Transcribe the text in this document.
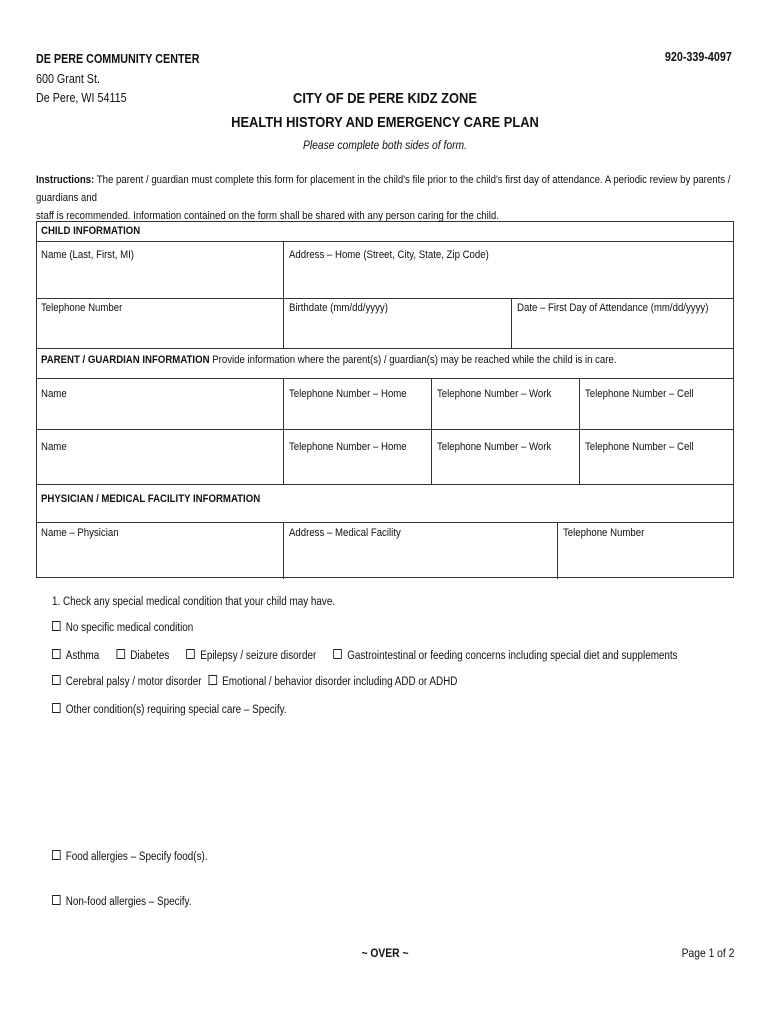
DE PERE COMMUNITY CENTER
600 Grant St.
De Pere, WI 54115
920-339-4097
CITY OF DE PERE KIDZ ZONE
HEALTH HISTORY AND EMERGENCY CARE PLAN
Please complete both sides of form.
Instructions: The parent / guardian must complete this form for placement in the child's file prior to the child's first day of attendance. A periodic review by parents / guardians and
staff is recommended. Information contained on the form shall be shared with any person caring for the child.
CHILD INFORMATION
Name (Last, First, MI)	Address – Home (Street, City, State, Zip Code)
Telephone Number	Birthdate (mm/dd/yyyy)	Date – First Day of Attendance (mm/dd/yyyy)
PARENT / GUARDIAN INFORMATION Provide information where the parent(s) / guardian(s) may be reached while the child is in care.
Name	Telephone Number – Home	Telephone Number – Work	Telephone Number – Cell
Name	Telephone Number – Home	Telephone Number – Work	Telephone Number – Cell
PHYSICIAN / MEDICAL FACILITY INFORMATION
Name – Physician	Address – Medical Facility	Telephone Number
1. Check any special medical condition that your child may have.
No specific medical condition
Asthma	Diabetes	Epilepsy / seizure disorder	Gastrointestinal or feeding concerns including special diet and supplements
Cerebral palsy / motor disorder Emotional / behavior disorder including ADD or ADHD
Other condition(s) requiring special care – Specify.
Food allergies – Specify food(s).
Non-food allergies – Specify.
~ OVER ~	Page 1 of 2
